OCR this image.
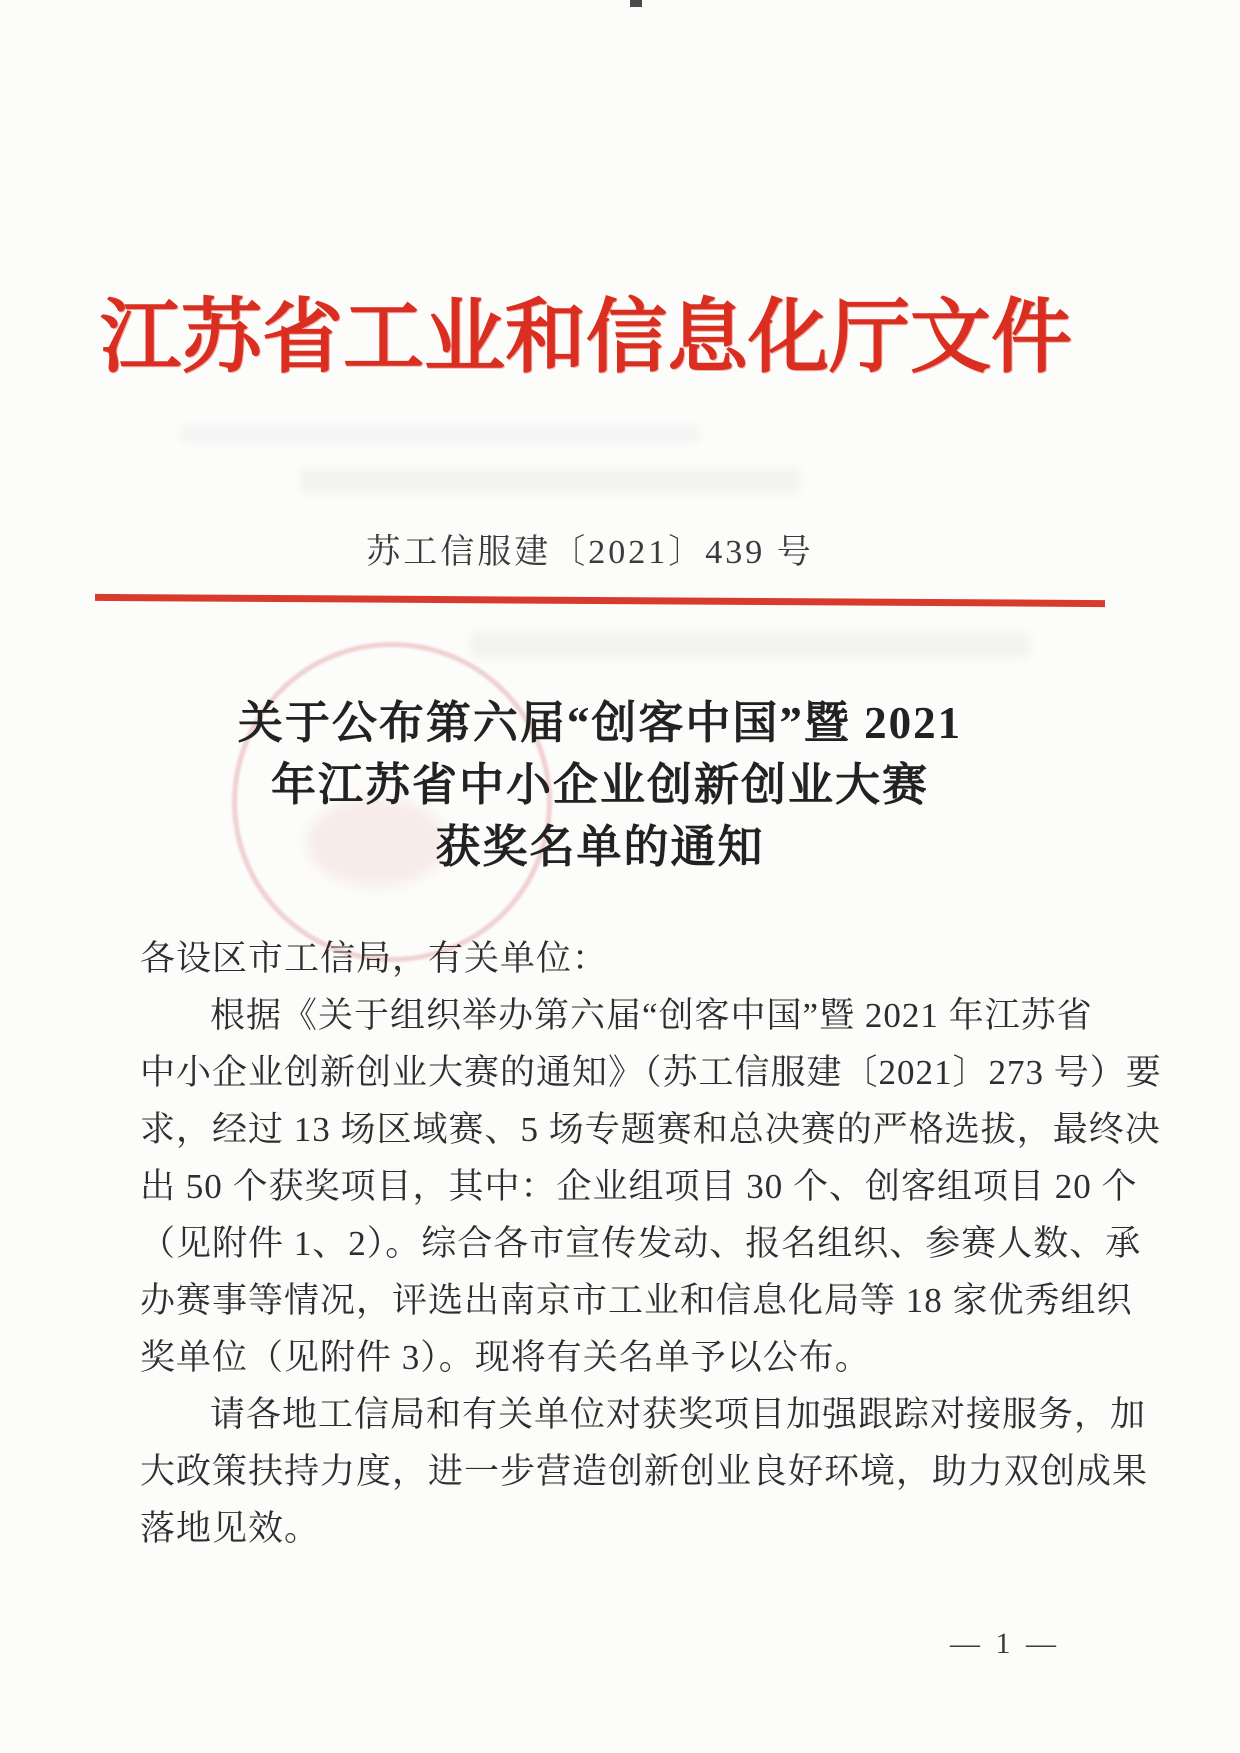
江苏省工业和信息化厅文件
苏工信服建〔2021〕439 号
关于公布第六届“创客中国”暨 2021
年江苏省中小企业创新创业大赛
获奖名单的通知
各设区市工信局，有关单位：
根据《关于组织举办第六届“创客中国”暨 2021 年江苏省
中小企业创新创业大赛的通知》（苏工信服建〔2021〕273 号）要
求，经过 13 场区域赛、5 场专题赛和总决赛的严格选拔，最终决
出 50 个获奖项目，其中：企业组项目 30 个、创客组项目 20 个
（见附件 1、2）。综合各市宣传发动、报名组织、参赛人数、承
办赛事等情况，评选出南京市工业和信息化局等 18 家优秀组织
奖单位（见附件 3）。现将有关名单予以公布。
请各地工信局和有关单位对获奖项目加强跟踪对接服务，加
大政策扶持力度，进一步营造创新创业良好环境，助力双创成果
落地见效。
— 1 —
